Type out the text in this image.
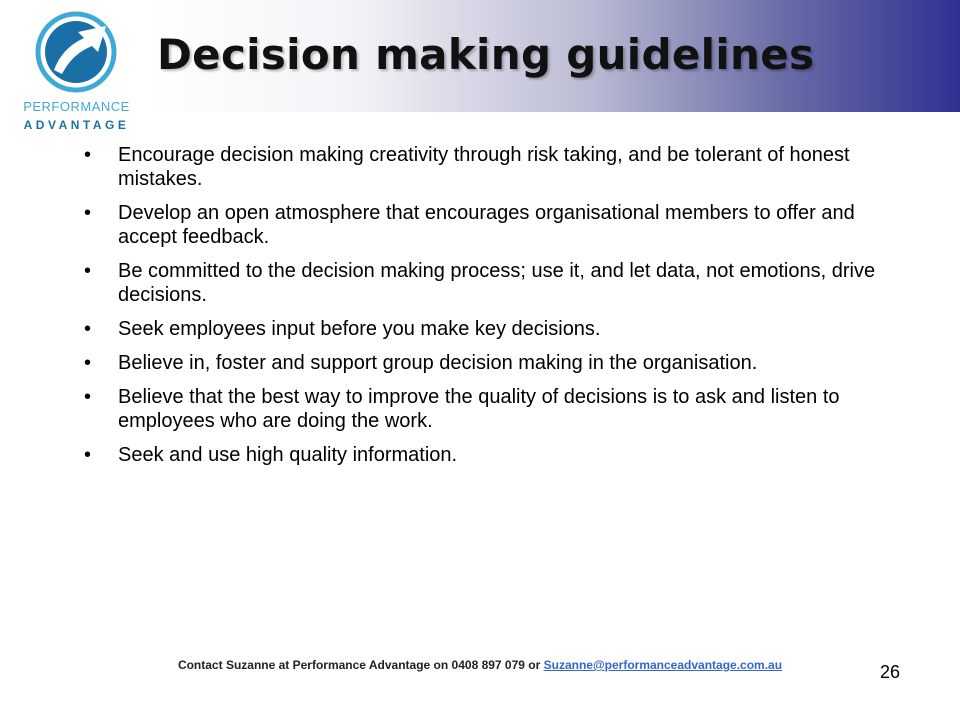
PERFORMANCE
ADVANTAGE
Decision making guidelines
• Encourage decision making creativity through risk taking, and be tolerant of honest mistakes.
• Develop an open atmosphere that encourages organisational members to offer and accept feedback.
• Be committed to the decision making process; use it, and let data, not emotions, drive decisions.
• Seek employees input before you make key decisions.
• Believe in, foster and support group decision making in the organisation.
• Believe that the best way to improve the quality of decisions is to ask and listen to employees who are doing the work.
• Seek and use high quality information.
Contact Suzanne at Performance Advantage on 0408 897 079 or Suzanne@performanceadvantage.com.au	26
